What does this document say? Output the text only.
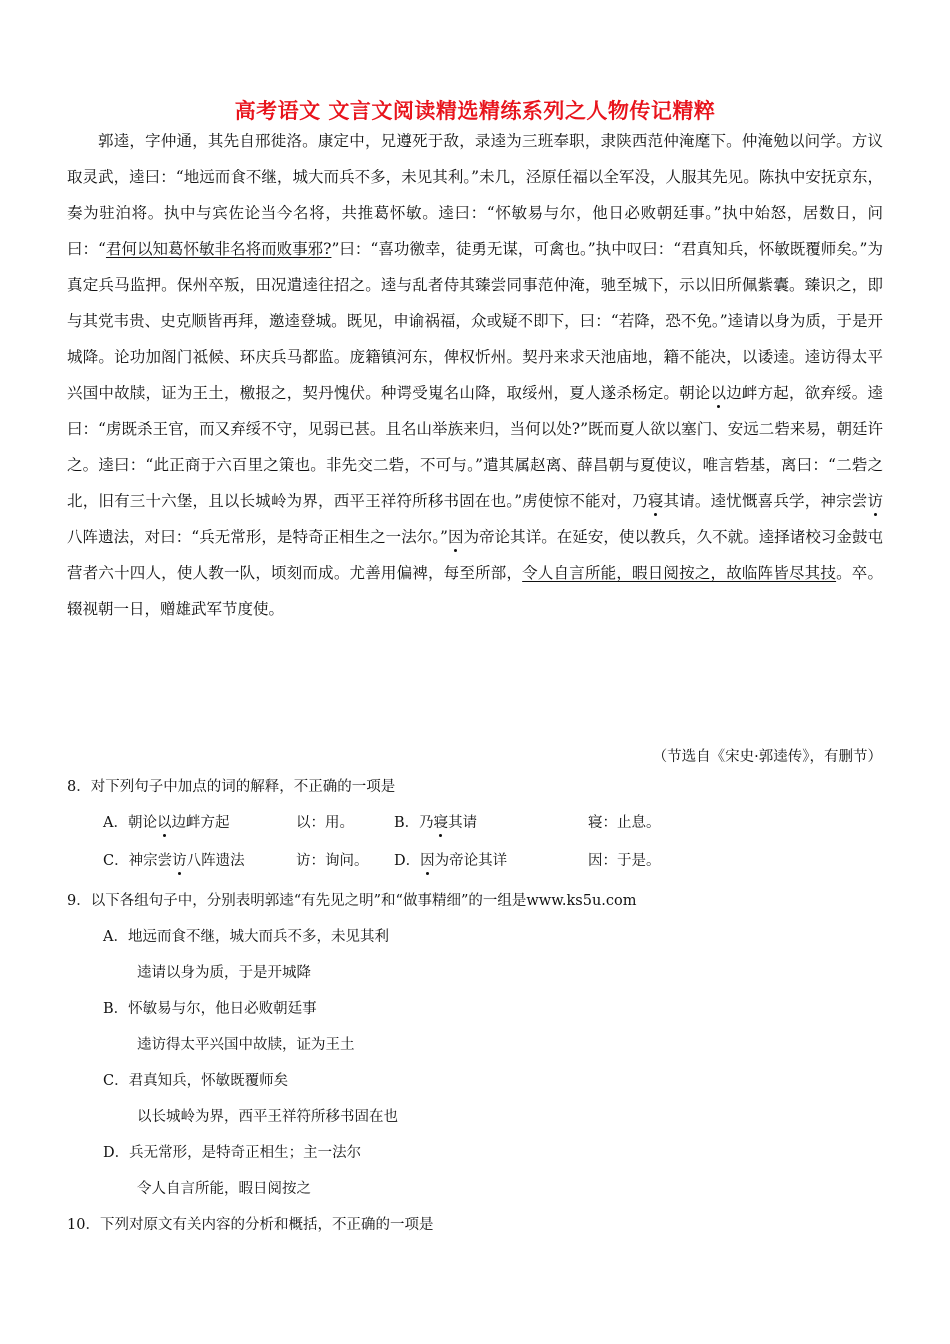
高考语文 文言文阅读精选精练系列之人物传记精粹
郭逵，字仲通，其先自邢徙洛。康定中，兄遵死于敌，录逵为三班奉职，隶陕西范仲淹麾下。仲淹勉以问学。方议取灵武，逵曰：“地远而食不继，城大而兵不多，未见其利。”未几，泾原任福以全军没，人服其先见。陈执中安抚京东，奏为驻泊将。执中与宾佐论当今名将，共推葛怀敏。逵曰：“怀敏易与尔，他日必败朝廷事。”执中始怒，居数日，问曰：“君何以知葛怀敏非名将而败事邪?”曰：“喜功徼幸，徒勇无谋，可禽也。”执中叹曰：“君真知兵，怀敏既覆师矣。”为真定兵马监押。保州卒叛，田况遣逵往招之。逵与乱者侍其臻尝同事范仲淹，驰至城下，示以旧所佩紫囊。臻识之，即与其党韦贵、史克顺皆再拜，邀逵登城。既见，申谕祸福，众或疑不即下，曰：“若降，恐不免。”逵请以身为质，于是开城降。论功加阁门祗候、环庆兵马都监。庞籍镇河东，俾权忻州。契丹来求天池庙地，籍不能决，以诿逵。逵访得太平兴国中故牍，证为王土，檄报之，契丹愧伏。种谔受嵬名山降，取绥州，夏人遂杀杨定。朝论以边衅方起，欲弃绥。逵曰：“虏既杀王官，而又弃绥不守，见弱已甚。且名山举族来归，当何以处?”既而夏人欲以塞门、安远二砦来易，朝廷许之。逵曰：“此正商于六百里之策也。非先交二砦，不可与。”遣其属赵离、薛昌朝与夏使议，唯言砦基，离曰：“二砦之北，旧有三十六堡，且以长城岭为界，西平王祥符所移书固在也。”虏使惊不能对，乃寝其请。逵忧慨喜兵学，神宗尝访八阵遗法，对曰：“兵无常形，是特奇正相生之一法尔。”因为帝论其详。在延安，使以教兵，久不就。逵择诸校习金鼓屯营者六十四人，使人教一队，顷刻而成。尤善用偏裨，每至所部，令人自言所能，暇日阅按之，故临阵皆尽其技。卒。辍视朝一日，赠雄武军节度使。
（节选自《宋史·郭逵传》，有删节）
8．对下列句子中加点的词的解释，不正确的一项是
A．朝论以边衅方起	以：用。	B．乃寝其请	寝：止息。
C．神宗尝访八阵遗法	访：询问。 D．因为帝论其详	因：于是。
9．以下各组句子中，分别表明郭逵“有先见之明”和“做事精细”的一组是www.ks5u.com
A．地远而食不继，城大而兵不多，未见其利
逵请以身为质，于是开城降
B．怀敏易与尔，他日必败朝廷事
逵访得太平兴国中故牍，证为王土
C．君真知兵，怀敏既覆师矣
以长城岭为界，西平王祥符所移书固在也
D．兵无常形，是特奇正相生；主一法尔
令人自言所能，暇日阅按之
10．下列对原文有关内容的分析和概括，不正确的一项是
